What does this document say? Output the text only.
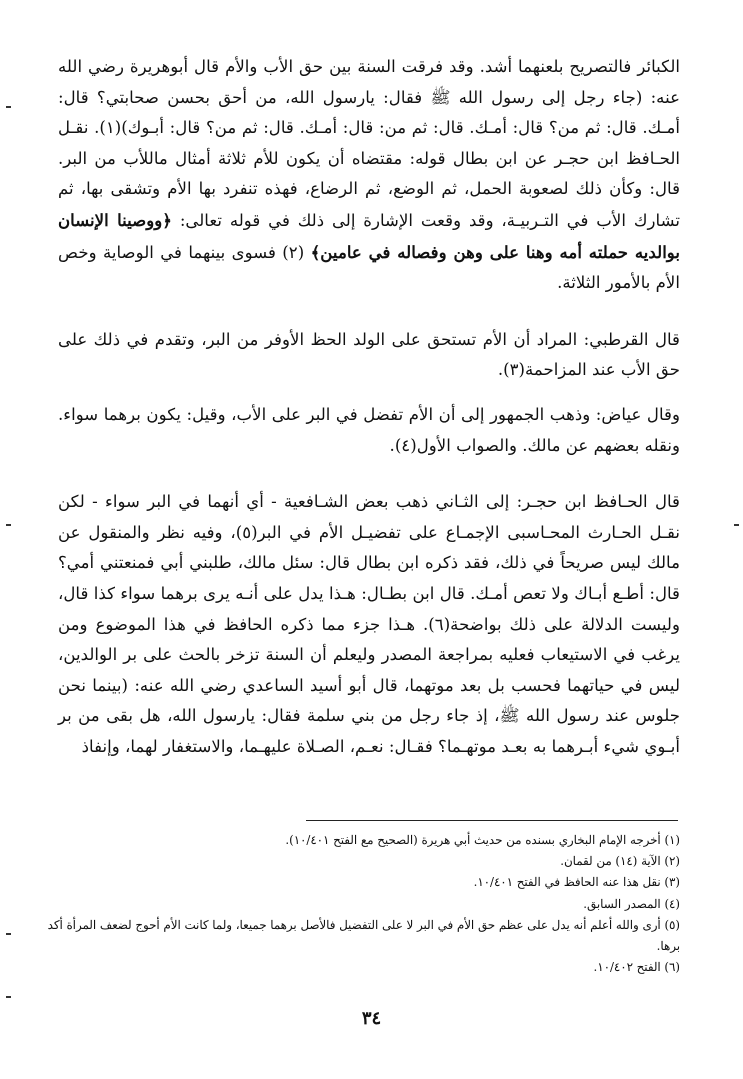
الكبائر فالتصريح بلعنهما أشد. وقد فرقت السنة بين حق الأب والأم قال أبوهريرة رضي الله عنه: (جاء رجل إلى رسول الله ﷺ فقال: يارسول الله، من أحق بحسن صحابتي؟ قال: أمـك. قال: ثم من؟ قال: أمـك. قال: ثم من: قال: أمـك. قال: ثم من؟ قال: أبـوك)(١). نقـل الحـافظ ابن حجـر عن ابن بطال قوله: مقتضاه أن يكون للأم ثلاثة أمثال ماللأب من البر. قال: وكأن ذلك لصعوبة الحمل، ثم الوضع، ثم الرضاع، فهذه تنفرد بها الأم وتشقى بها، ثم تشارك الأب في التـربيـة، وقد وقعت الإشارة إلى ذلك في قوله تعالى: ﴿ووصينا الإنسان بوالديه حملته أمه وهنا على وهن وفصاله في عامين﴾ (٢) فسوى بينهما في الوصاية وخص الأم بالأمور الثلاثة.

قال القرطبي: المراد أن الأم تستحق على الولد الحظ الأوفر من البر، وتقدم في ذلك على حق الأب عند المزاحمة(٣).

وقال عياض: وذهب الجمهور إلى أن الأم تفضل في البر على الأب، وقيل: يكون برهما سواء. ونقله بعضهم عن مالك. والصواب الأول(٤).

قال الحـافظ ابن حجـر: إلى الثـاني ذهب بعض الشـافعية - أي أنهما في البر سواء - لكن نقـل الحـارث المحـاسبى الإجمـاع على تفضيـل الأم في البر(٥)، وفيه نظر والمنقول عن مالك ليس صريحاً في ذلك، فقد ذكره ابن بطال قال: سئل مالك، طلبني أبي فمنعتني أمي؟ قال: أطـع أبـاك ولا تعص أمـك. قال ابن بطـال: هـذا يدل على أنـه يرى برهما سواء كذا قال، وليست الدلالة على ذلك بواضحة(٦). هـذا جزء مما ذكره الحافظ في هذا الموضوع ومن يرغب في الاستيعاب فعليه بمراجعة المصدر وليعلم أن السنة تزخر بالحث على بر الوالدين، ليس في حياتهما فحسب بل بعد موتهما، قال أبو أسيد الساعدي رضي الله عنه: (بينما نحن جلوس عند رسول الله ﷺ، إذ جاء رجل من بني سلمة فقال: يارسول الله، هل بقى من بر أبـوي شيء أبـرهما به بعـد موتهـما؟ فقـال: نعـم، الصـلاة عليهـما، والاستغفار لهما، وإنفاذ

(١) أخرجه الإمام البخاري بسنده من حديث أبي هريرة (الصحيح مع الفتح ١٠/٤٠١).
(٢) الآية (١٤) من لقمان.
(٣) نقل هذا عنه الحافظ في الفتح ١٠/٤٠١.
(٤) المصدر السابق.
(٥) أرى والله أعلم أنه يدل على عظم حق الأم في البر لا على التفضيل فالأصل برهما جميعا، ولما كانت الأم أحوج لضعف المرأة أكد برها.
(٦) الفتح ١٠/٤٠٢.
٣٤
